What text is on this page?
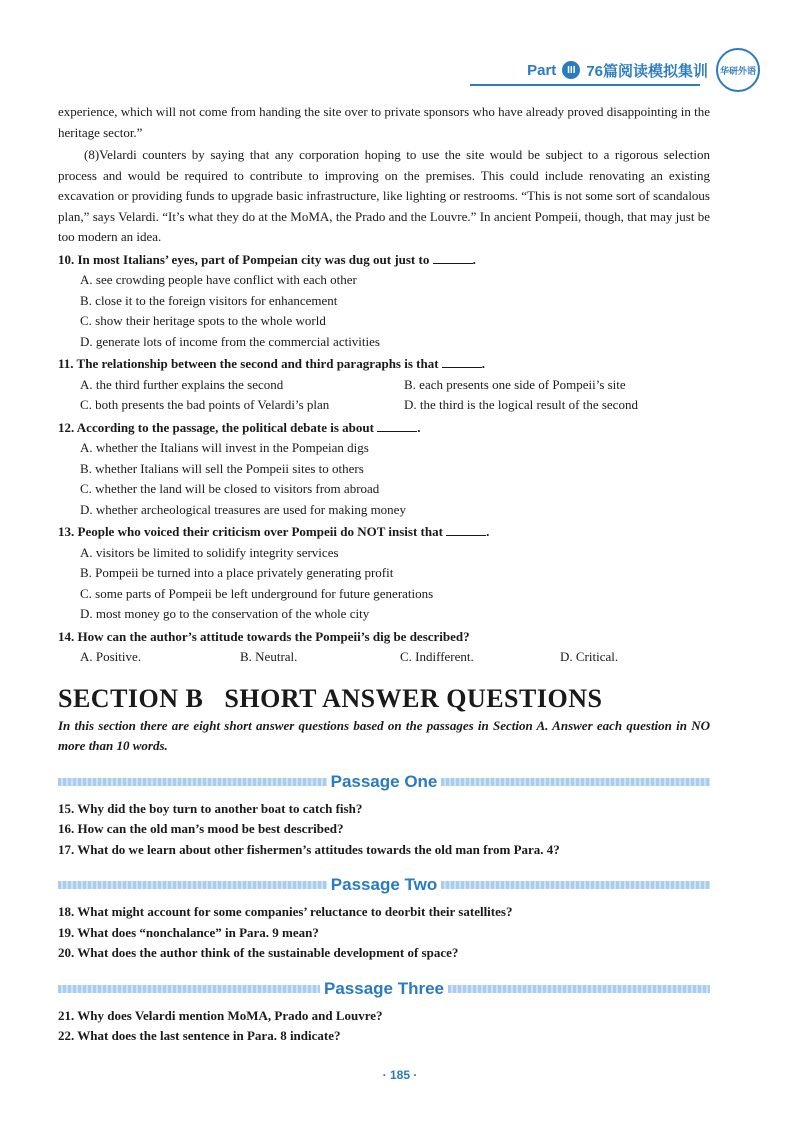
Part	III 76篇阅读模拟集训 华研外语

experience, which will not come from handing the site over to private sponsors who have already proved disappointing in the heritage sector.”

(8)Velardi counters by saying that any corporation hoping to use the site would be subject to a rigorous selection process and would be required to contribute to improving on the premises. This could include renovating an existing excavation or providing funds to upgrade basic infrastructure, like lighting or restrooms. “This is not some sort of scandalous plan,” says Velardi. “It’s what they do at the MoMA, the Prado and the Louvre.” In ancient Pompeii, though, that may just be too modern an idea.

10. In most Italians’ eyes, part of Pompeian city was dug out just to	.
A. see crowding people have conflict with each other
B. close it to the foreign visitors for enhancement
C. show their heritage spots to the whole world
D. generate lots of income from the commercial activities
11. The relationship between the second and third paragraphs is that	.
A. the third further explains the second	B. each presents one side of Pompeii’s site
C. both presents the bad points of Velardi’s plan	D. the third is the logical result of the second
12. According to the passage, the political debate is about	.
A. whether the Italians will invest in the Pompeian digs
B. whether Italians will sell the Pompeii sites to others
C. whether the land will be closed to visitors from abroad
D. whether archeological treasures are used for making money
13. People who voiced their criticism over Pompeii do NOT insist that	.
A. visitors be limited to solidify integrity services
B. Pompeii be turned into a place privately generating profit
C. some parts of Pompeii be left underground for future generations
D. most money go to the conservation of the whole city
14. How can the author’s attitude towards the Pompeii’s dig be described?
A. Positive.	B. Neutral.	C. Indifferent.	D. Critical.
SECTION B   SHORT ANSWER QUESTIONS
In this section there are eight short answer questions based on the passages in Section A. Answer each question in NO more than 10 words.
Passage One
15. Why did the boy turn to another boat to catch fish?
16. How can the old man’s mood be best described?
17. What do we learn about other fishermen’s attitudes towards the old man from Para. 4?
Passage Two
18. What might account for some companies’ reluctance to deorbit their satellites?
19. What does “nonchalance” in Para. 9 mean?
20. What does the author think of the sustainable development of space?
Passage Three
21. Why does Velardi mention MoMA, Prado and Louvre?
22. What does the last sentence in Para. 8 indicate?
· 185 ·
